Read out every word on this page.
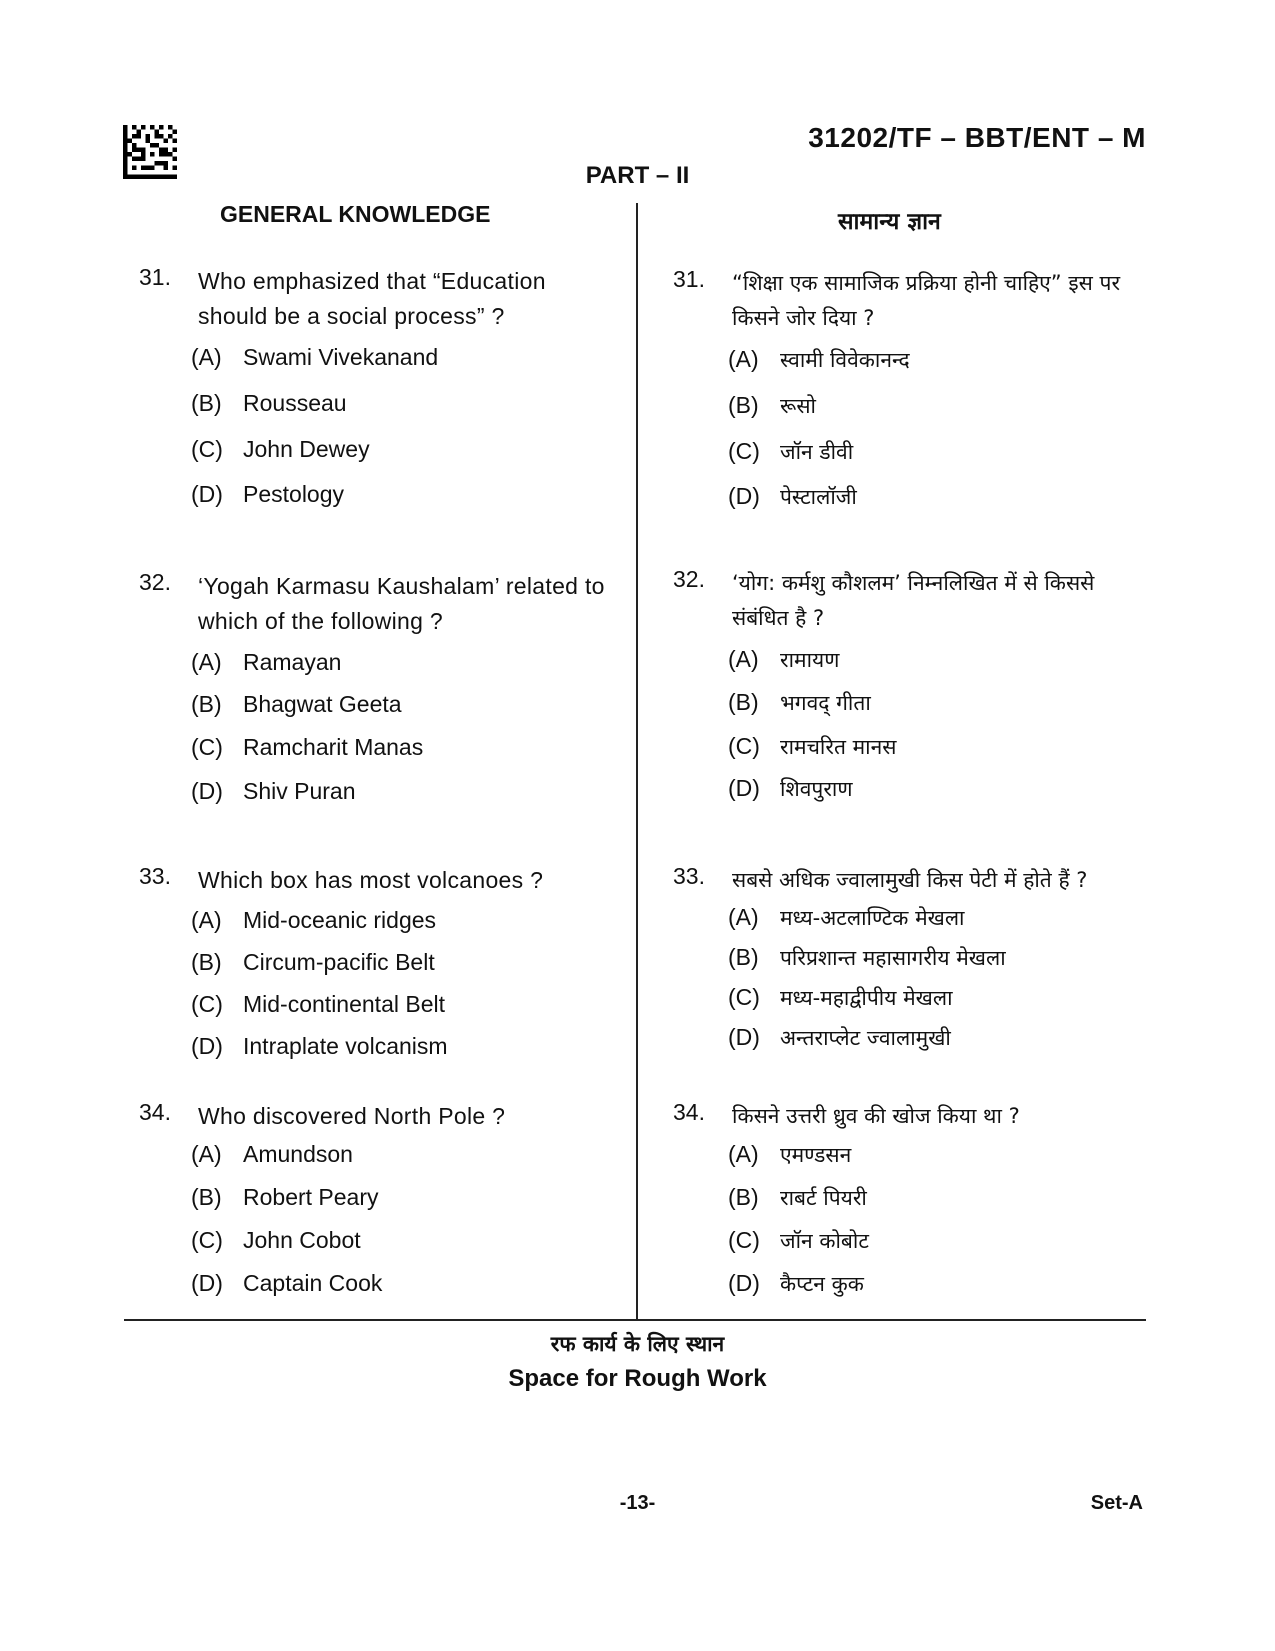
31202/TF – BBT/ENT – M
PART – II
GENERAL KNOWLEDGE	सामान्य ज्ञान
31. Who emphasized that “Education should be a social process” ?
(A) Swami Vivekanand
(B) Rousseau
(C) John Dewey
(D) Pestology
32. ‘Yogah Karmasu Kaushalam’ related to which of the following ?
(A) Ramayan
(B) Bhagwat Geeta
(C) Ramcharit Manas
(D) Shiv Puran
33. Which box has most volcanoes ?
(A) Mid-oceanic ridges
(B) Circum-pacific Belt
(C) Mid-continental Belt
(D) Intraplate volcanism
34. Who discovered North Pole ?
(A) Amundson
(B) Robert Peary
(C) John Cobot
(D) Captain Cook
31. “शिक्षा एक सामाजिक प्रक्रिया होनी चाहिए” इस पर किसने जोर दिया ?
(A) स्वामी विवेकानन्द
(B) रूसो
(C) जॉन डीवी
(D) पेस्टालॉजी
32. ‘योग: कर्मशु कौशलम’ निम्नलिखित में से किससे संबंधित है ?
(A) रामायण
(B) भगवद् गीता
(C) रामचरित मानस
(D) शिवपुराण
33. सबसे अधिक ज्वालामुखी किस पेटी में होते हैं ?
(A) मध्य-अटलाण्टिक मेखला
(B) परिप्रशान्त महासागरीय मेखला
(C) मध्य-महाद्वीपीय मेखला
(D) अन्तराप्लेट ज्वालामुखी
34. किसने उत्तरी ध्रुव की खोज किया था ?
(A) एमण्डसन
(B) राबर्ट पियरी
(C) जॉन कोबोट
(D) कैप्टन कुक
रफ कार्य के लिए स्थान
Space for Rough Work
-13-	Set-A
